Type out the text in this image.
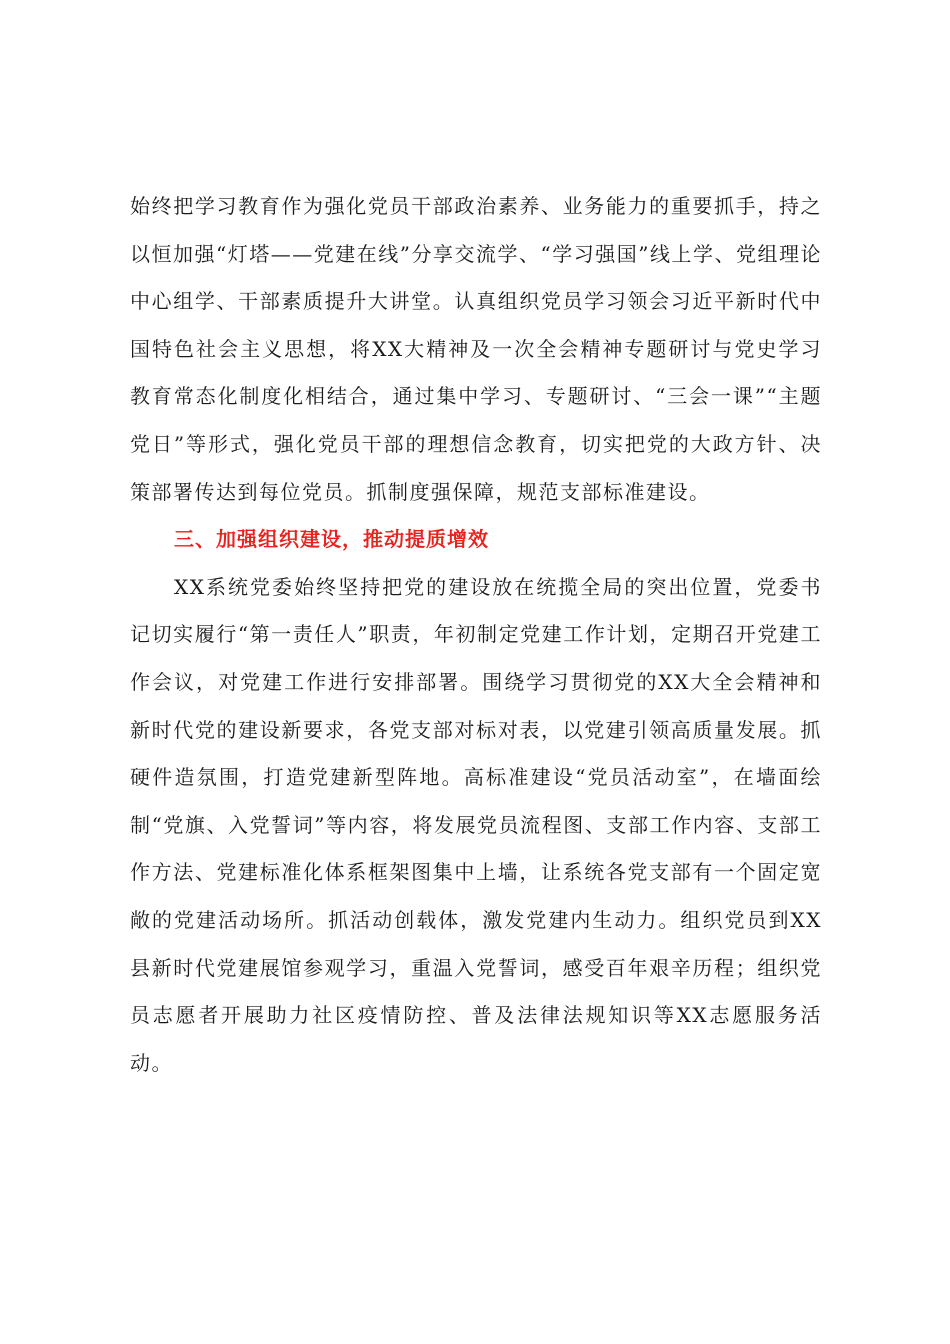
始终把学习教育作为强化党员干部政治素养、业务能力的重要抓手，持之以恒加强“灯塔——党建在线”分享交流学、“学习强国”线上学、党组理论中心组学、干部素质提升大讲堂。认真组织党员学习领会习近平新时代中国特色社会主义思想，将XX大精神及一次全会精神专题研讨与党史学习教育常态化制度化相结合，通过集中学习、专题研讨、“三会一课”“主题党日”等形式，强化党员干部的理想信念教育，切实把党的大政方针、决策部署传达到每位党员。抓制度强保障，规范支部标准建设。

三、加强组织建设，推动提质增效

XX系统党委始终坚持把党的建设放在统揽全局的突出位置，党委书记切实履行“第一责任人”职责，年初制定党建工作计划，定期召开党建工作会议，对党建工作进行安排部署。围绕学习贯彻党的XX大全会精神和新时代党的建设新要求，各党支部对标对表，以党建引领高质量发展。抓硬件造氛围，打造党建新型阵地。高标准建设“党员活动室”，在墙面绘制“党旗、入党誓词”等内容，将发展党员流程图、支部工作内容、支部工作方法、党建标准化体系框架图集中上墙，让系统各党支部有一个固定宽敞的党建活动场所。抓活动创载体，激发党建内生动力。组织党员到XX县新时代党建展馆参观学习，重温入党誓词，感受百年艰辛历程；组织党员志愿者开展助力社区疫情防控、普及法律法规知识等XX志愿服务活动。
